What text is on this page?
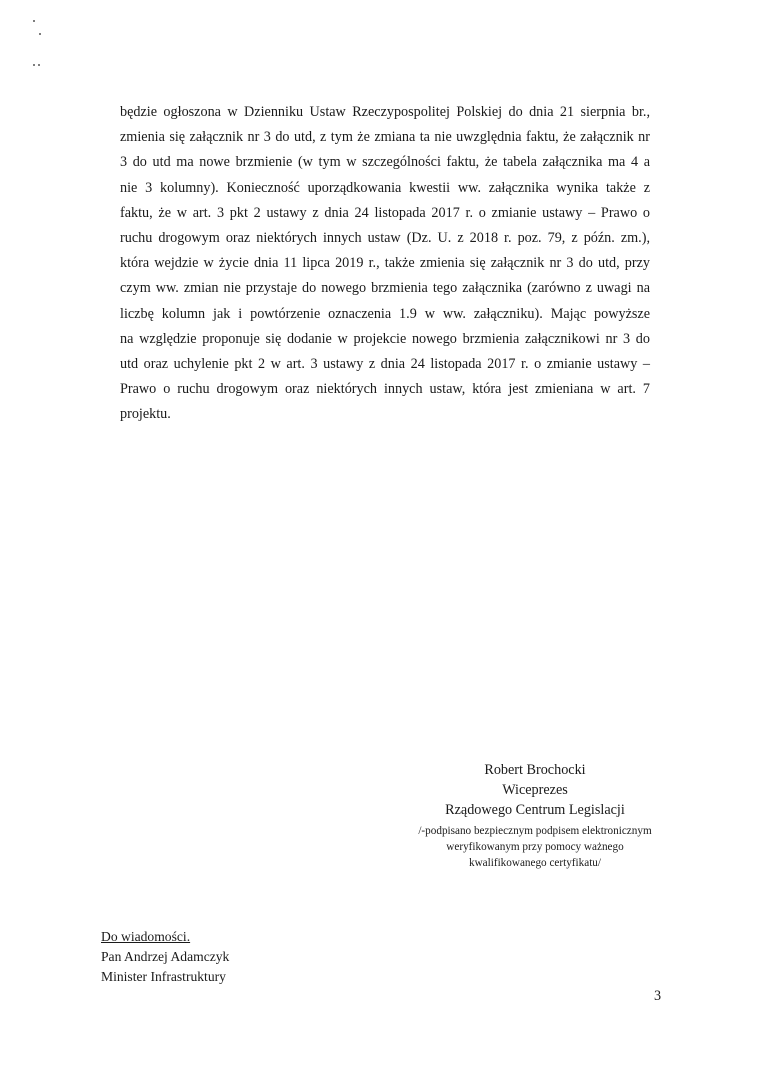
będzie ogłoszona w Dzienniku Ustaw Rzeczypospolitej Polskiej do dnia 21 sierpnia br.,
zmienia się załącznik nr 3 do utd, z tym że zmiana ta nie uwzględnia faktu, że załącznik nr
3 do utd ma nowe brzmienie (w tym w szczególności faktu, że tabela załącznika ma 4 a
nie 3 kolumny). Konieczność uporządkowania kwestii ww. załącznika wynika także z
faktu, że w art. 3 pkt 2 ustawy z dnia 24 listopada 2017 r. o zmianie ustawy – Prawo o
ruchu drogowym oraz niektórych innych ustaw (Dz. U. z 2018 r. poz. 79, z późn. zm.),
która wejdzie w życie dnia 11 lipca 2019 r., także zmienia się załącznik nr 3 do utd, przy
czym ww. zmian nie przystaje do nowego brzmienia tego załącznika (zarówno z uwagi na
liczbę kolumn jak i powtórzenie oznaczenia 1.9 w ww. załączniku). Mając powyższe
na względzie proponuje się dodanie w projekcie nowego brzmienia załącznikowi nr 3 do
utd oraz uchylenie pkt 2 w art. 3 ustawy z dnia 24 listopada 2017 r. o zmianie ustawy –
Prawo o ruchu drogowym oraz niektórych innych ustaw, która jest zmieniana w art. 7
projektu.
Robert Brochocki
Wiceprezes
Rządowego Centrum Legislacji
/-podpisano bezpiecznym podpisem elektronicznym
weryfikowanym przy pomocy ważnego
kwalifikowanego certyfikatu/
Do wiadomości.
Pan Andrzej Adamczyk
Minister Infrastruktury
3
